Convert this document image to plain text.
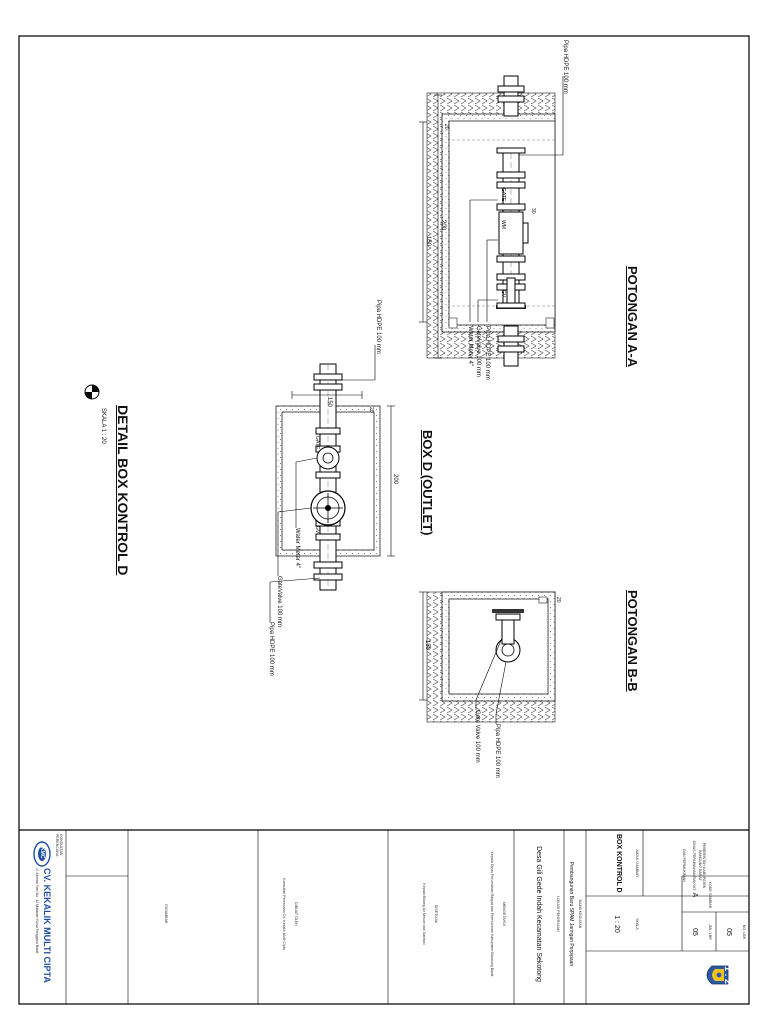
POTONGAN A-A
POTONGAN B-B
BOX D (OUTLET)
DETAIL BOX KONTROL D
SKALA 1 : 20
Pipa HDPE 100 mm
Water Meter 4" Pipa HDPE 100 mm
GateValve 100 mm
Pipa HDPE 100 mm
Water Meter 4"
GateValve 100 mm
Pipa HDPE 100 mm
Gate Valve 100 mm Pipa HDPE 100 mm
200
150
30
20
150
20
200
150
20
GATE
WM
GV
GATE
GV
JUDUL GAMBAR
BOX KONTROL D
SKALA
1 : 20
KODE GAMBAR
A
NO. LBR
05
JML. LBR
05
1 : 20
KONSULTAN PERENCANA
CV. KEKALIK MULTI CIPTA
KMC
Jl. Ahmad Yani No. 12 Mataram Nusa Tenggara Barat	DIGAMBAR	DIBUAT OLEH
Konsultan Perencana CV. Kekalik Multi Cipta	DISETUJUI
Kepala Bidang Air Minum dan Sanitasi	MENGETAHUI
Kepala Dinas Perumahan Rakyat dan Permukiman Kabupaten Bandung Barat	LOKASI PEKERJAAN
Desa Gili Gede Indah Kecamatan Sekotong	NAMA KEGIATAN
Pembangunan Baru SPAM Jaringan Perpipaan	PEMERINTAH KABUPATEN BANDUNG BARAT
DINAS PERUMAHAN RAKYAT
DAN PERMUKIMAN
